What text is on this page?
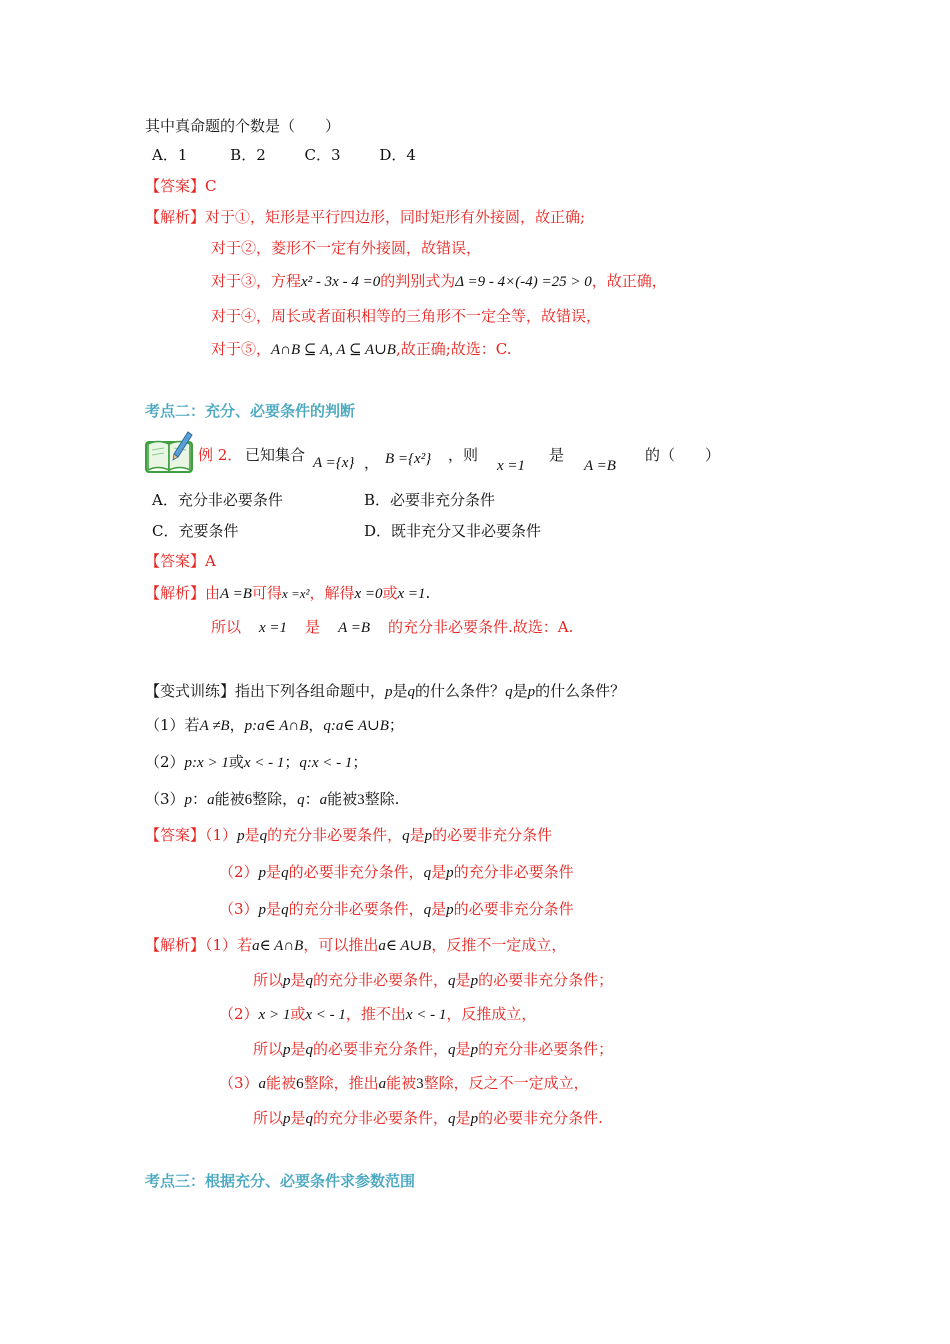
其中真命题的个数是（　　）
A．1	B．2	C．3	D．4
【答案】C
【解析】对于①，矩形是平行四边形，同时矩形有外接圆，故正确;
对于②，菱形不一定有外接圆，故错误，
对于③，方程x² - 3x - 4 =0的判别式为Δ =9 - 4×(-4) =25 > 0，故正确，
对于④，周长或者面积相等的三角形不一定全等，故错误，
对于⑤，A∩B ⊆ A, A ⊆ A∪B,故正确;故选：C.
考点二：充分、必要条件的判断
例 2． 已知集合 A ={x} ， B ={x²} ，则
x =1
是
A =B
的（　　）
A．充分非必要条件	B．必要非充分条件
C．充要条件	D．既非充分又非必要条件
【答案】A
【解析】由A =B可得x =x²，解得x =0或x =1.
所以 x =1 是 A =B 的充分非必要条件.故选：A.
【变式训练】指出下列各组命题中，p是q的什么条件？q是p的什么条件？
（1）若A ≠B，p:a∈ A∩B，q:a∈ A∪B；
（2）p:x > 1或x < - 1；q:x < - 1；
（3）p：a能被6整除，q：a能被3整除.
【答案】（1）p是q的充分非必要条件，q是p的必要非充分条件
（2）p是q的必要非充分条件，q是p的充分非必要条件
（3）p是q的充分非必要条件，q是p的必要非充分条件
【解析】（1）若a∈ A∩B，可以推出a∈ A∪B，反推不一定成立，
所以p是q的充分非必要条件，q是p的必要非充分条件；
（2）x > 1或x < - 1，推不出x < - 1，反推成立，
所以p是q的必要非充分条件，q是p的充分非必要条件；
（3）a能被6整除，推出a能被3整除，反之不一定成立，
所以p是q的充分非必要条件，q是p的必要非充分条件.
考点三：根据充分、必要条件求参数范围
